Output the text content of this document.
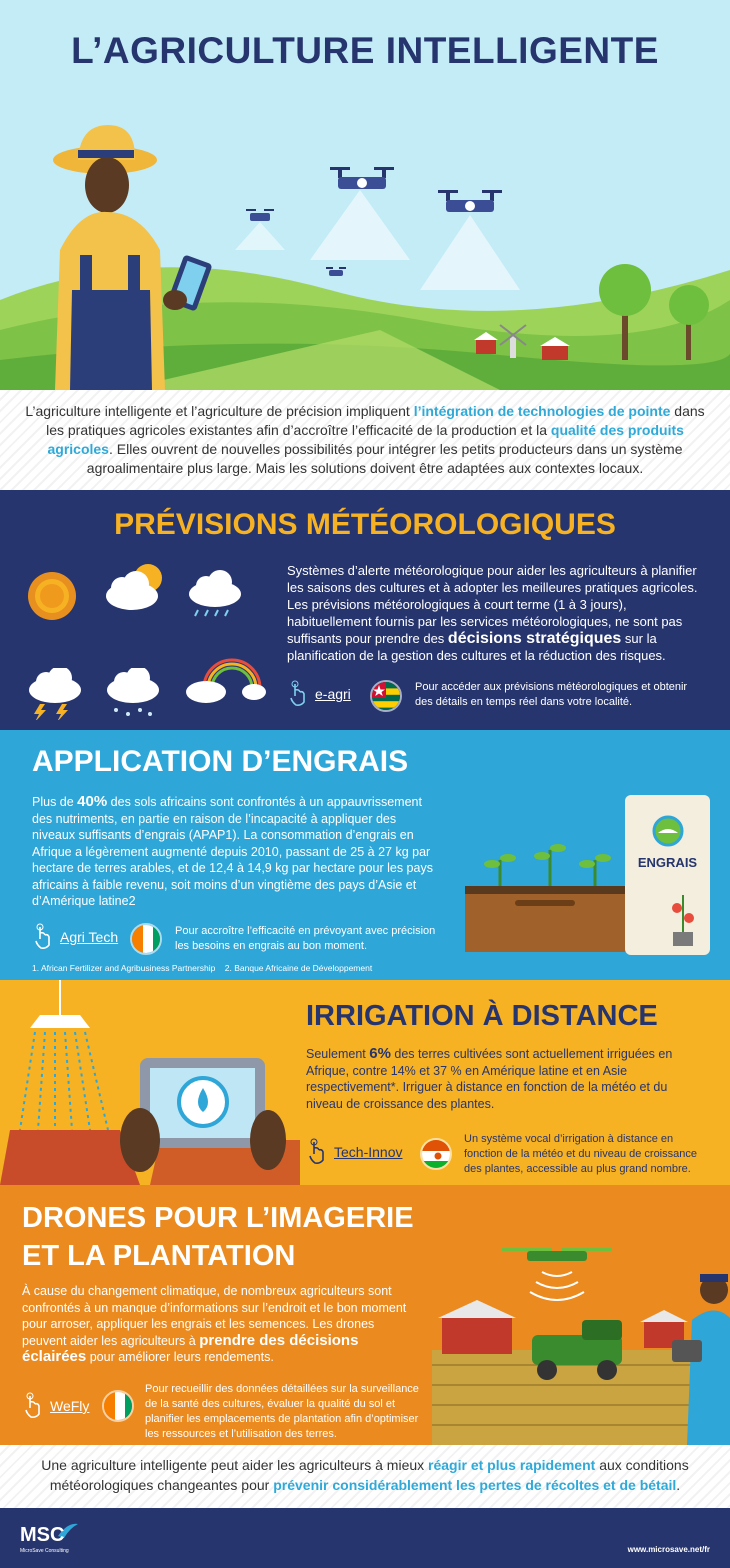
L’AGRICULTURE INTELLIGENTE

L’agriculture intelligente et l’agriculture de précision impliquent l’intégration de technologies de pointe dans les pratiques agricoles existantes afin d’accroître l’efficacité de la production et la qualité des produits agricoles. Elles ouvrent de nouvelles possibilités pour intégrer les petits producteurs dans un système agroalimentaire plus large. Mais les solutions doivent être adaptées aux contextes locaux.

PRÉVISIONS MÉTÉOROLOGIQUES

Systèmes d’alerte météorologique pour aider les agriculteurs à planifier les saisons des cultures et à adopter les meilleures pratiques agricoles. Les prévisions météorologiques à court terme (1 à 3 jours), habituellement fournis par les services météorologiques, ne sont pas suffisants pour prendre des décisions stratégiques sur la planification de la gestion des cultures et la réduction des risques.

e-agri	Pour accéder aux prévisions météorologiques et obtenir des détails en temps réel dans votre localité.

APPLICATION D’ENGRAIS

Plus de 40% des sols africains sont confrontés à un appauvrissement des nutriments, en partie en raison de l’incapacité à appliquer des niveaux suffisants d’engrais (APAP1). La consommation d’engrais en Afrique a légèrement augmenté depuis 2010, passant de 25 à 27 kg par hectare de terres arables, et de 12,4 à 14,9 kg par hectare pour les pays africains à faible revenu, soit moins d’un vingtième des pays d’Asie et d’Amérique latine2

Agri Tech	Pour accroître l’efficacité en prévoyant avec précision les besoins en engrais au bon moment.

1. African Fertilizer and Agribusiness Partnership 2. Banque Africaine de Développement
ENGRAIS
IRRIGATION À DISTANCE

Seulement 6% des terres cultivées sont actuellement irriguées en Afrique, contre 14% et 37 % en Amérique latine et en Asie respectivement*. Irriguer à distance en fonction de la météo et du niveau de croissance des plantes.

Tech-Innov

Un système vocal d’irrigation à distance en fonction de la météo et du niveau de croissance des plantes, accessible au plus grand nombre.

DRONES POUR L’IMAGERIE
ET LA PLANTATION

À cause du changement climatique, de nombreux agriculteurs sont confrontés à un manque d’informations sur l’endroit et le bon moment pour arroser, appliquer les engrais et les semences. Les drones peuvent aider les agriculteurs à prendre des décisions éclairées pour améliorer leurs rendements.

WeFly

Pour recueillir des données détaillées sur la surveillance de la santé des cultures, évaluer la qualité du sol et planifier les emplacements de plantation afin d’optimiser les ressources et l’utilisation des terres.

Une agriculture intelligente peut aider les agriculteurs à mieux réagir et plus rapidement aux conditions météorologiques changeantes pour prévenir considérablement les pertes de récoltes et de bétail.

MSC
MicroSave Consulting	www.microsave.net/fr
